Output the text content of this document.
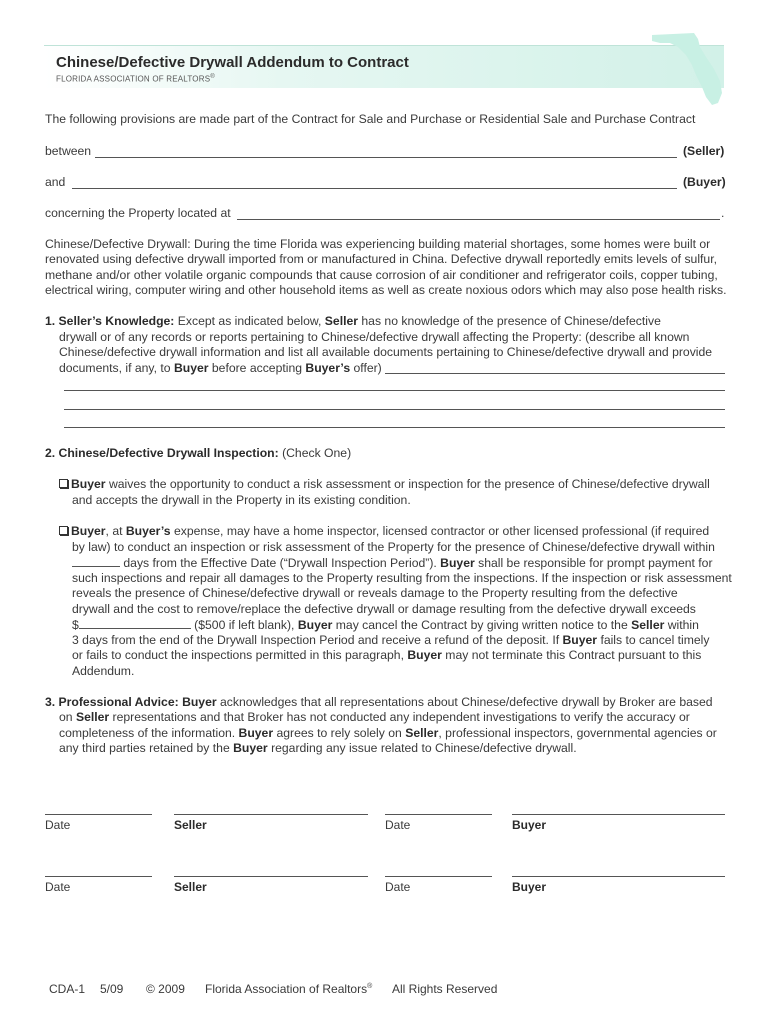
Chinese/Defective Drywall Addendum to Contract
FLORIDA ASSOCIATION OF REALTORS®
The following provisions are made part of the Contract for Sale and Purchase or Residential Sale and Purchase Contract
between	(Seller)
and	(Buyer)
concerning the Property located at	.
Chinese/Defective Drywall: During the time Florida was experiencing building material shortages, some homes were built or
renovated using defective drywall imported from or manufactured in China. Defective drywall reportedly emits levels of sulfur,
methane and/or other volatile organic compounds that cause corrosion of air conditioner and refrigerator coils, copper tubing,
electrical wiring, computer wiring and other household items as well as create noxious odors which may also pose health risks.
1. Seller’s Knowledge: Except as indicated below, Seller has no knowledge of the presence of Chinese/defective
drywall or of any records or reports pertaining to Chinese/defective drywall affecting the Property: (describe all known
Chinese/defective drywall information and list all available documents pertaining to Chinese/defective drywall and provide
documents, if any, to Buyer before accepting Buyer’s offer)
2. Chinese/Defective Drywall Inspection: (Check One)
Buyer waives the opportunity to conduct a risk assessment or inspection for the presence of Chinese/defective drywall
and accepts the drywall in the Property in its existing condition.
Buyer, at Buyer’s expense, may have a home inspector, licensed contractor or other licensed professional (if required
by law) to conduct an inspection or risk assessment of the Property for the presence of Chinese/defective drywall within
days from the Effective Date (“Drywall Inspection Period”). Buyer shall be responsible for prompt payment for
such inspections and repair all damages to the Property resulting from the inspections. If the inspection or risk assessment
reveals the presence of Chinese/defective drywall or reveals damage to the Property resulting from the defective
drywall and the cost to remove/replace the defective drywall or damage resulting from the defective drywall exceeds
$	($500 if left blank), Buyer may cancel the Contract by giving written notice to the Seller within
3 days from the end of the Drywall Inspection Period and receive a refund of the deposit. If Buyer fails to cancel timely
or fails to conduct the inspections permitted in this paragraph, Buyer may not terminate this Contract pursuant to this
Addendum.
3. Professional Advice: Buyer acknowledges that all representations about Chinese/defective drywall by Broker are based
on Seller representations and that Broker has not conducted any independent investigations to verify the accuracy or
completeness of the information. Buyer agrees to rely solely on Seller, professional inspectors, governmental agencies or
any third parties retained by the Buyer regarding any issue related to Chinese/defective drywall.
Date	Seller	Date	Buyer
Date	Seller	Date	Buyer
CDA-1 5/09 © 2009 Florida Association of Realtors® All Rights Reserved
